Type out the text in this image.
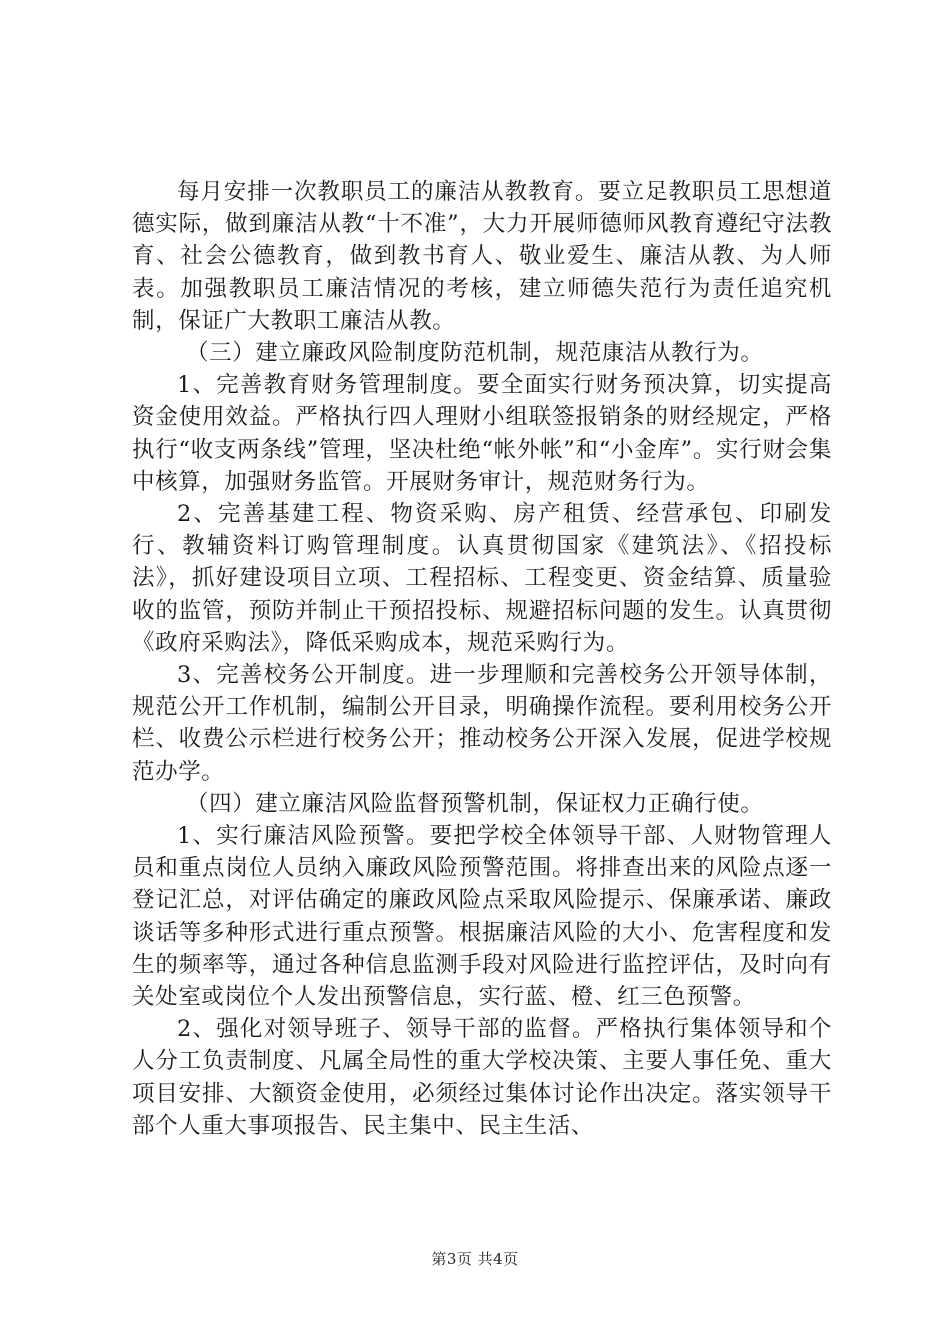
每月安排一次教职员工的廉洁从教教育。要立足教职员工思想道德实际，做到廉洁从教“十不准”，大力开展师德师风教育遵纪守法教育、社会公德教育，做到教书育人、敬业爱生、廉洁从教、为人师表。加强教职员工廉洁情况的考核，建立师德失范行为责任追究机制，保证广大教职工廉洁从教。

（三）建立廉政风险制度防范机制，规范康洁从教行为。

1、完善教育财务管理制度。要全面实行财务预决算，切实提高资金使用效益。严格执行四人理财小组联签报销条的财经规定，严格执行“收支两条线”管理，坚决杜绝“帐外帐”和“小金库”。实行财会集中核算，加强财务监管。开展财务审计，规范财务行为。

2、完善基建工程、物资采购、房产租赁、经营承包、印刷发行、教辅资料订购管理制度。认真贯彻国家《建筑法》、《招投标法》，抓好建设项目立项、工程招标、工程变更、资金结算、质量验收的监管，预防并制止干预招投标、规避招标问题的发生。认真贯彻《政府采购法》，降低采购成本，规范采购行为。

3、完善校务公开制度。进一步理顺和完善校务公开领导体制，规范公开工作机制，编制公开目录，明确操作流程。要利用校务公开栏、收费公示栏进行校务公开；推动校务公开深入发展，促进学校规范办学。

（四）建立廉洁风险监督预警机制，保证权力正确行使。

1、实行廉洁风险预警。要把学校全体领导干部、人财物管理人员和重点岗位人员纳入廉政风险预警范围。将排查出来的风险点逐一登记汇总，对评估确定的廉政风险点采取风险提示、保廉承诺、廉政谈话等多种形式进行重点预警。根据廉洁风险的大小、危害程度和发生的频率等，通过各种信息监测手段对风险进行监控评估，及时向有关处室或岗位个人发出预警信息，实行蓝、橙、红三色预警。

2、强化对领导班子、领导干部的监督。严格执行集体领导和个人分工负责制度、凡属全局性的重大学校决策、主要人事任免、重大项目安排、大额资金使用，必须经过集体讨论作出决定。落实领导干部个人重大事项报告、民主集中、民主生活、

第3页 共4页
